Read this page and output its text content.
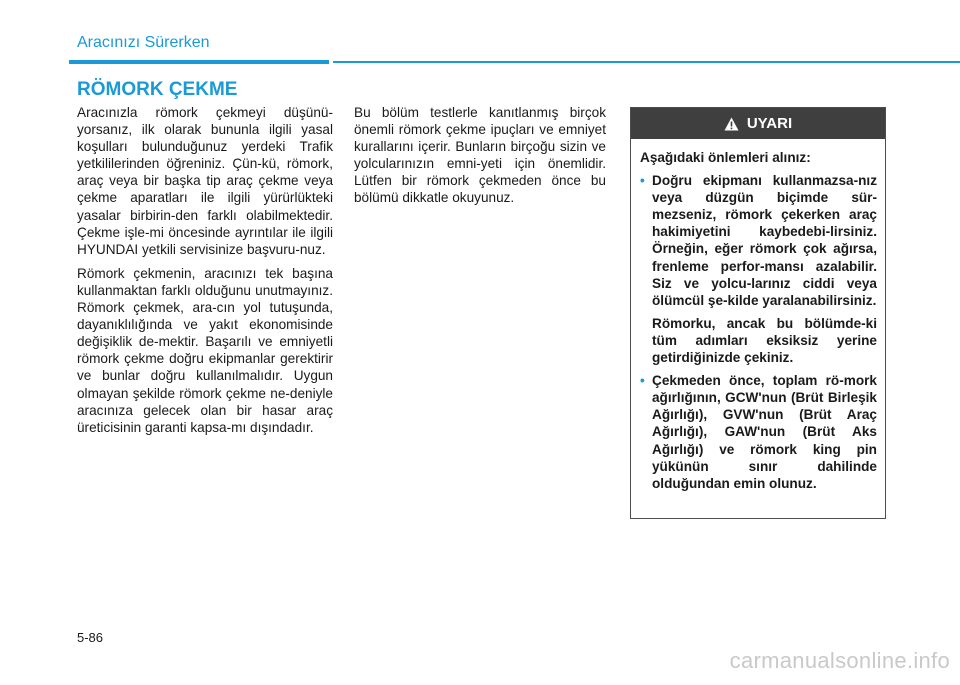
Aracınızı Sürerken
RÖMORK ÇEKME

Aracınızla römork çekmeyi düşünü-yorsanız, ilk olarak bununla ilgili yasal koşulları bulunduğunuz yerdeki Trafik yetkililerinden öğreniniz. Çün-kü, römork, araç veya bir başka tip araç çekme veya çekme aparatları ile ilgili yürürlükteki yasalar birbirin-den farklı olabilmektedir. Çekme işle-mi öncesinde ayrıntılar ile ilgili HYUNDAI yetkili servisinize başvuru-nuz.

Römork çekmenin, aracınızı tek başına kullanmaktan farklı olduğunu unutmayınız. Römork çekmek, ara-cın yol tutuşunda, dayanıklılığında ve yakıt ekonomisinde değişiklik de-mektir. Başarılı ve emniyetli römork çekme doğru ekipmanlar gerektirir ve bunlar doğru kullanılmalıdır. Uygun olmayan şekilde römork çekme ne-deniyle aracınıza gelecek olan bir hasar araç üreticisinin garanti kapsa-mı dışındadır.

Bu bölüm testlerle kanıtlanmış birçok önemli römork çekme ipuçları ve emniyet kurallarını içerir. Bunların birçoğu sizin ve yolcularınızın emni-yeti için önemlidir. Lütfen bir römork çekmeden önce bu bölümü dikkatle okuyunuz.

UYARI

Aşağıdaki önlemleri alınız:

• Doğru ekipmanı kullanmazsa-nız veya düzgün biçimde sür-mezseniz, römork çekerken araç hakimiyetini kaybedebi-lirsiniz. Örneğin, eğer römork çok ağırsa, frenleme perfor-mansı azalabilir. Siz ve yolcu-larınız ciddi veya ölümcül şe-kilde yaralanabilirsiniz.

Römorku, ancak bu bölümde-ki tüm adımları eksiksiz yerine getirdiğinizde çekiniz.

• Çekmeden önce, toplam rö-mork ağırlığının, GCW'nun (Brüt Birleşik Ağırlığı), GVW'nun (Brüt Araç Ağırlığı), GAW'nun (Brüt Aks Ağırlığı) ve römork king pin yükünün sınır dahilinde olduğundan emin olunuz.

5-86
carmanualsonline.info
